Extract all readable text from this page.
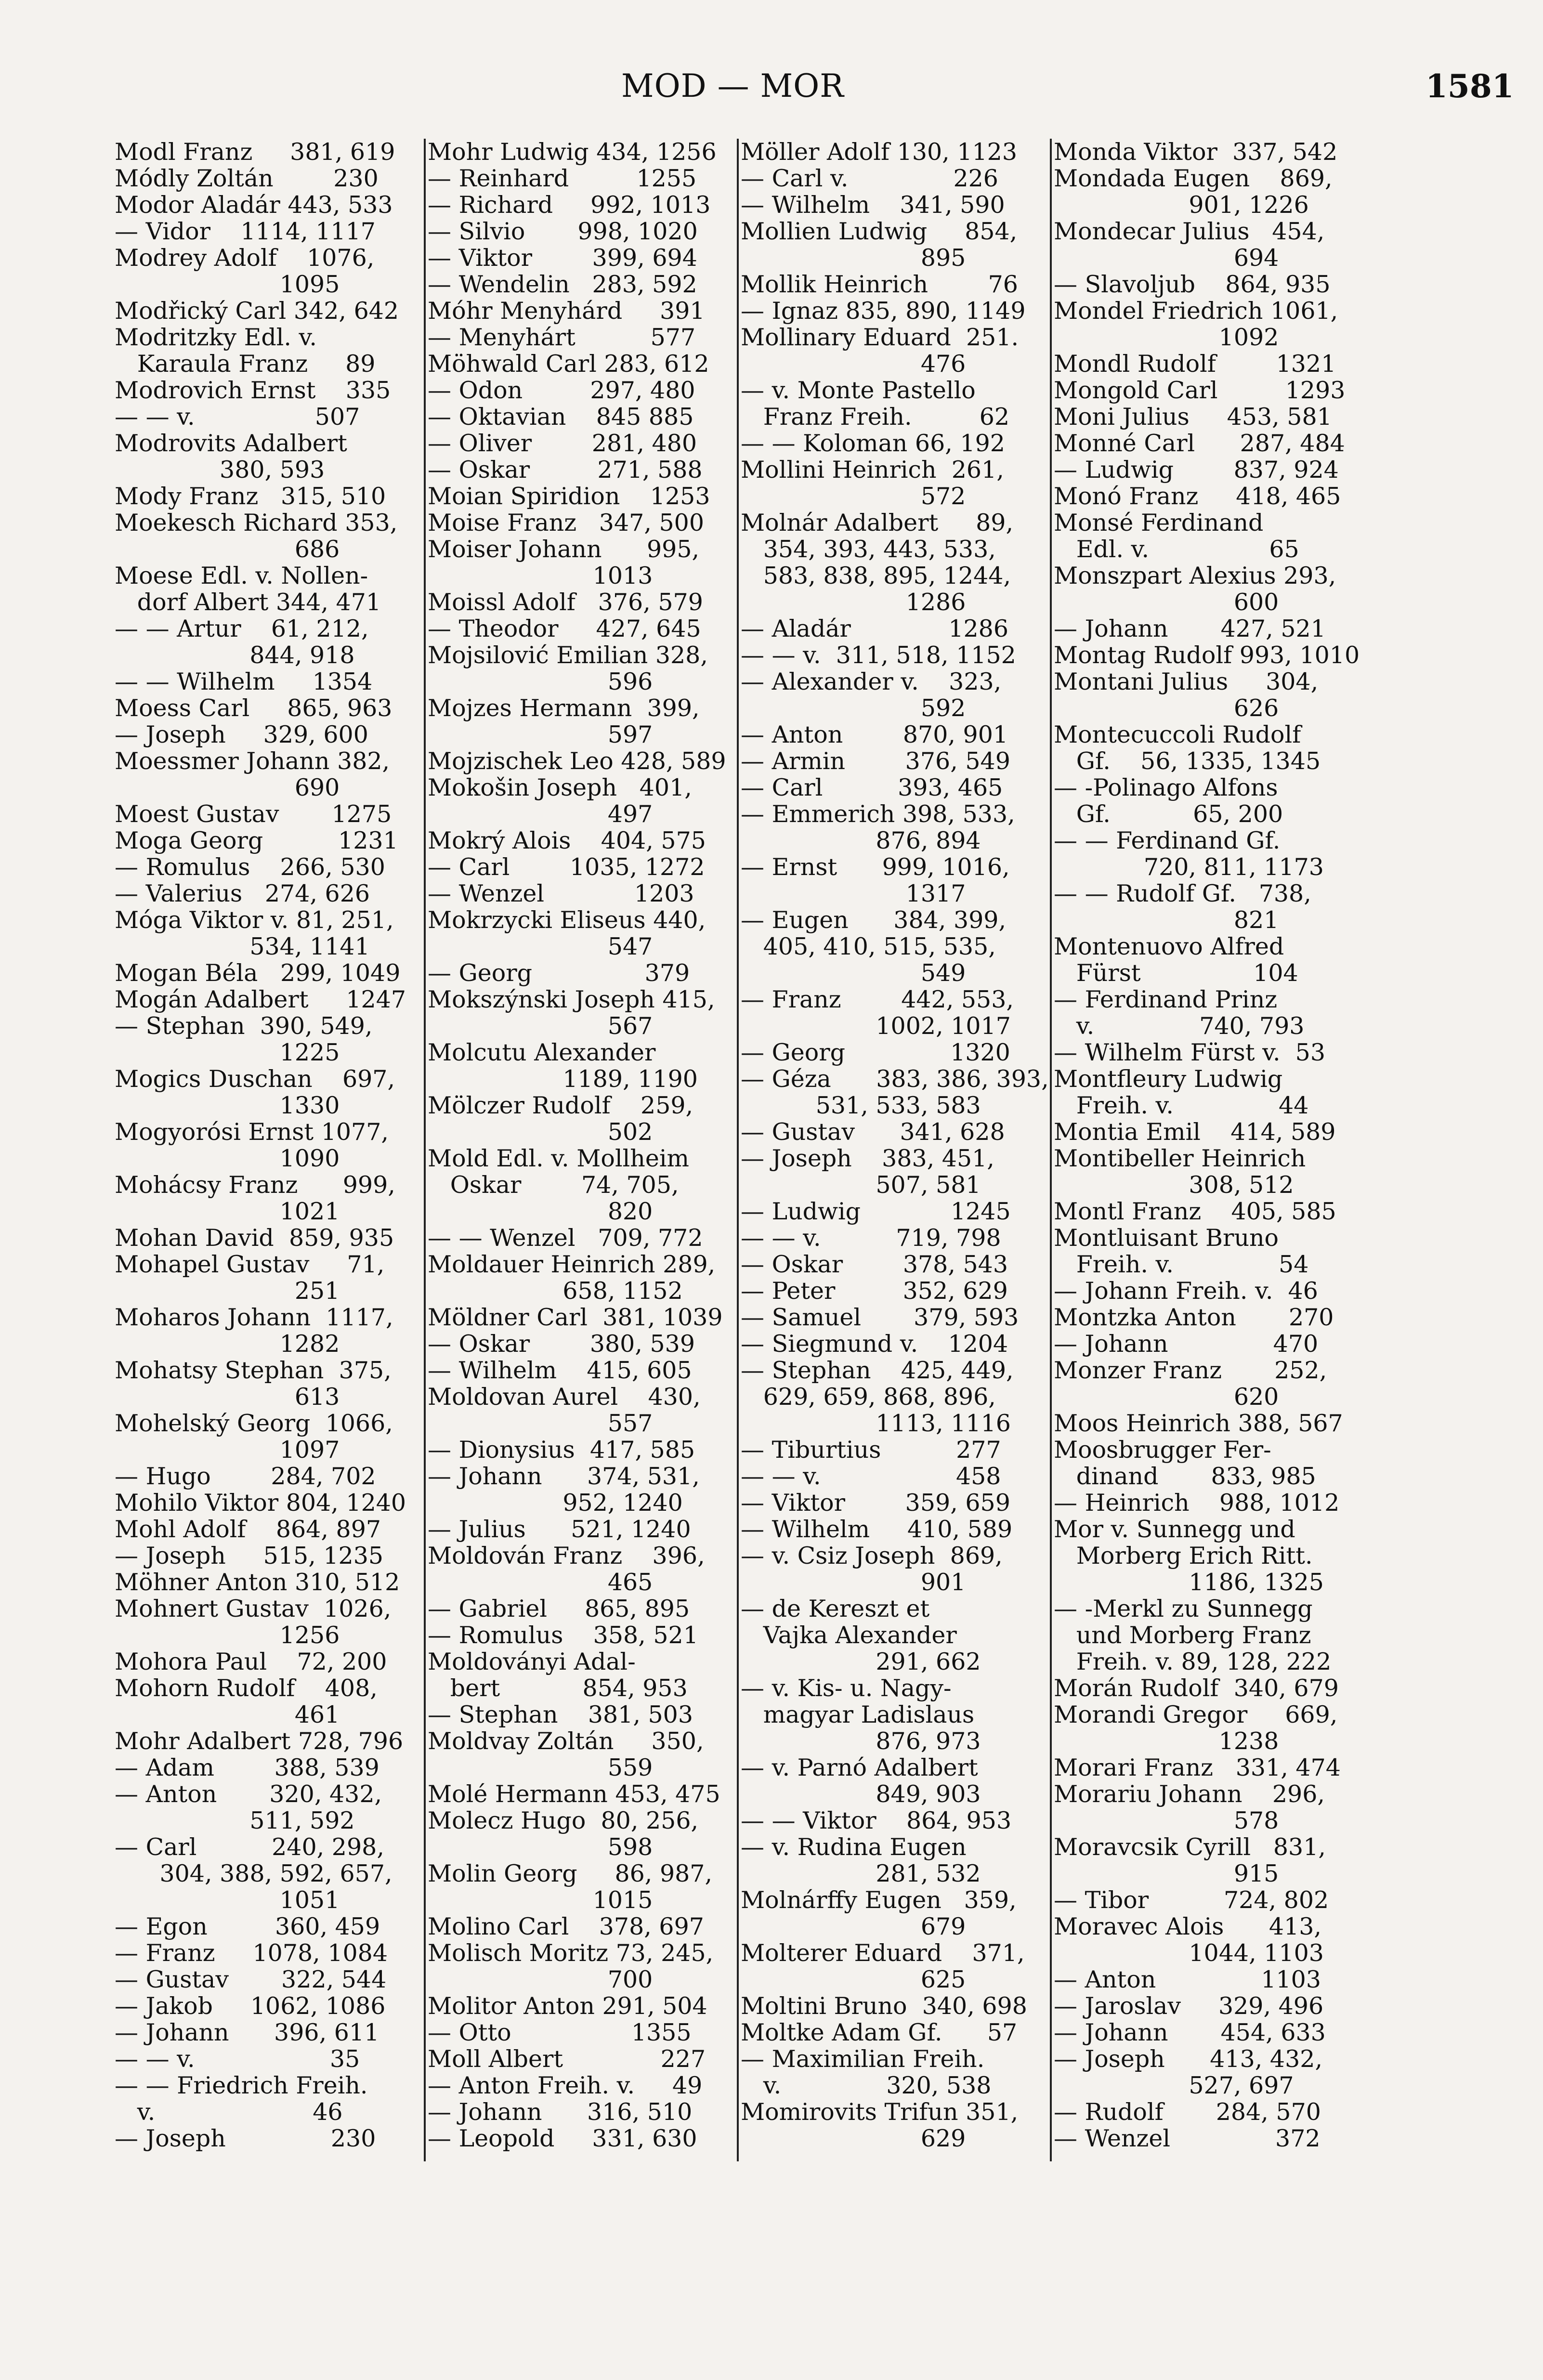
MOD — MOR	1581
Modl Franz     381, 619
Módly Zoltán        230
Modor Aladár 443, 533
— Vidor    1114, 1117
Modrey Adolf    1076,
1095
Modřický Carl 342, 642
Modritzky Edl. v.
Karaula Franz     89
Modrovich Ernst    335
— — v.                507
Modrovits Adalbert
380, 593
Mody Franz   315, 510
Moekesch Richard 353,
686
Moese Edl. v. Nollen-
dorf Albert 344, 471
— — Artur    61, 212,
844, 918
— — Wilhelm     1354
Moess Carl     865, 963
— Joseph     329, 600
Moessmer Johann 382,
690
Moest Gustav       1275
Moga Georg          1231
— Romulus    266, 530
— Valerius   274, 626
Móga Viktor v. 81, 251,
534, 1141
Mogan Béla   299, 1049
Mogán Adalbert     1247
— Stephan  390, 549,
1225
Mogics Duschan    697,
1330
Mogyorósi Ernst 1077,
1090
Mohácsy Franz      999,
1021
Mohan David  859, 935
Mohapel Gustav     71,
251
Moharos Johann  1117,
1282
Mohatsy Stephan  375,
613
Mohelský Georg  1066,
1097
— Hugo        284, 702
Mohilo Viktor 804, 1240
Mohl Adolf    864, 897
— Joseph     515, 1235
Möhner Anton 310, 512
Mohnert Gustav  1026,
1256
Mohora Paul    72, 200
Mohorn Rudolf    408,
461
Mohr Adalbert 728, 796
— Adam        388, 539
— Anton       320, 432,
511, 592
— Carl          240, 298,
304, 388, 592, 657,
1051
— Egon         360, 459
— Franz     1078, 1084
— Gustav       322, 544
— Jakob     1062, 1086
— Johann      396, 611
— — v.                  35
— — Friedrich Freih.
v.                     46
— Joseph              230
Mohr Ludwig 434, 1256
— Reinhard         1255
— Richard     992, 1013
— Silvio       998, 1020
— Viktor        399, 694
— Wendelin   283, 592
Móhr Menyhárd     391
— Menyhárt          577
Möhwald Carl 283, 612
— Odon         297, 480
— Oktavian    845 885
— Oliver        281, 480
— Oskar         271, 588
Moian Spiridion    1253
Moise Franz   347, 500
Moiser Johann      995,
1013
Moissl Adolf   376, 579
— Theodor     427, 645
Mojsilović Emilian 328,
596
Mojzes Hermann  399,
597
Mojzischek Leo 428, 589
Mokošin Joseph   401,
497
Mokrý Alois    404, 575
— Carl        1035, 1272
— Wenzel            1203
Mokrzycki Eliseus 440,
547
— Georg               379
Mokszýnski Joseph 415,
567
Molcutu Alexander
1189, 1190
Mölczer Rudolf    259,
502
Mold Edl. v. Mollheim
Oskar        74, 705,
820
— — Wenzel   709, 772
Moldauer Heinrich 289,
658, 1152
Möldner Carl  381, 1039
— Oskar        380, 539
— Wilhelm    415, 605
Moldovan Aurel    430,
557
— Dionysius  417, 585
— Johann      374, 531,
952, 1240
— Julius      521, 1240
Moldován Franz    396,
465
— Gabriel     865, 895
— Romulus    358, 521
Moldoványi Adal-
bert           854, 953
— Stephan    381, 503
Moldvay Zoltán     350,
559
Molé Hermann 453, 475
Molecz Hugo  80, 256,
598
Molin Georg     86, 987,
1015
Molino Carl    378, 697
Molisch Moritz 73, 245,
700
Molitor Anton 291, 504
— Otto                1355
Moll Albert             227
— Anton Freih. v.     49
— Johann      316, 510
— Leopold     331, 630
Möller Adolf 130, 1123
— Carl v.              226
— Wilhelm    341, 590
Mollien Ludwig     854,
895
Mollik Heinrich        76
— Ignaz 835, 890, 1149
Mollinary Eduard  251.
476
— v. Monte Pastello
Franz Freih.         62
— — Koloman 66, 192
Mollini Heinrich  261,
572
Molnár Adalbert     89,
354, 393, 443, 533,
583, 838, 895, 1244,
1286
— Aladár             1286
— — v.  311, 518, 1152
— Alexander v.    323,
592
— Anton        870, 901
— Armin        376, 549
— Carl          393, 465
— Emmerich 398, 533,
876, 894
— Ernst      999, 1016,
1317
— Eugen      384, 399,
405, 410, 515, 535,
549
— Franz        442, 553,
1002, 1017
— Georg              1320
— Géza      383, 386, 393,
531, 533, 583
— Gustav      341, 628
— Joseph    383, 451,
507, 581
— Ludwig            1245
— — v.          719, 798
— Oskar        378, 543
— Peter         352, 629
— Samuel       379, 593
— Siegmund v.    1204
— Stephan    425, 449,
629, 659, 868, 896,
1113, 1116
— Tiburtius          277
— — v.                  458
— Viktor        359, 659
— Wilhelm     410, 589
— v. Csiz Joseph  869,
901
— de Kereszt et
Vajka Alexander
291, 662
— v. Kis- u. Nagy-
magyar Ladislaus
876, 973
— v. Parnó Adalbert
849, 903
— — Viktor    864, 953
— v. Rudina Eugen
281, 532
Molnárffy Eugen   359,
679
Molterer Eduard    371,
625
Moltini Bruno  340, 698
Moltke Adam Gf.      57
— Maximilian Freih.
v.              320, 538
Momirovits Trifun 351,
629
Monda Viktor  337, 542
Mondada Eugen    869,
901, 1226
Mondecar Julius   454,
694
— Slavoljub    864, 935
Mondel Friedrich 1061,
1092
Mondl Rudolf        1321
Mongold Carl         1293
Moni Julius     453, 581
Monné Carl      287, 484
— Ludwig        837, 924
Monó Franz     418, 465
Monsé Ferdinand
Edl. v.                65
Monszpart Alexius 293,
600
— Johann       427, 521
Montag Rudolf 993, 1010
Montani Julius     304,
626
Montecuccoli Rudolf
Gf.    56, 1335, 1345
— -Polinago Alfons
Gf.           65, 200
— — Ferdinand Gf.
720, 811, 1173
— — Rudolf Gf.   738,
821
Montenuovo Alfred
Fürst               104
— Ferdinand Prinz
v.              740, 793
— Wilhelm Fürst v.  53
Montfleury Ludwig
Freih. v.              44
Montia Emil    414, 589
Montibeller Heinrich
308, 512
Montl Franz    405, 585
Montluisant Bruno
Freih. v.              54
— Johann Freih. v.  46
Montzka Anton       270
— Johann              470
Monzer Franz       252,
620
Moos Heinrich 388, 567
Moosbrugger Fer-
dinand       833, 985
— Heinrich    988, 1012
Mor v. Sunnegg und
Morberg Erich Ritt.
1186, 1325
— -Merkl zu Sunnegg
und Morberg Franz
Freih. v. 89, 128, 222
Morán Rudolf  340, 679
Morandi Gregor     669,
1238
Morari Franz   331, 474
Morariu Johann    296,
578
Moravcsik Cyrill   831,
915
— Tibor          724, 802
Moravec Alois      413,
1044, 1103
— Anton              1103
— Jaroslav     329, 496
— Johann       454, 633
— Joseph      413, 432,
527, 697
— Rudolf       284, 570
— Wenzel              372
